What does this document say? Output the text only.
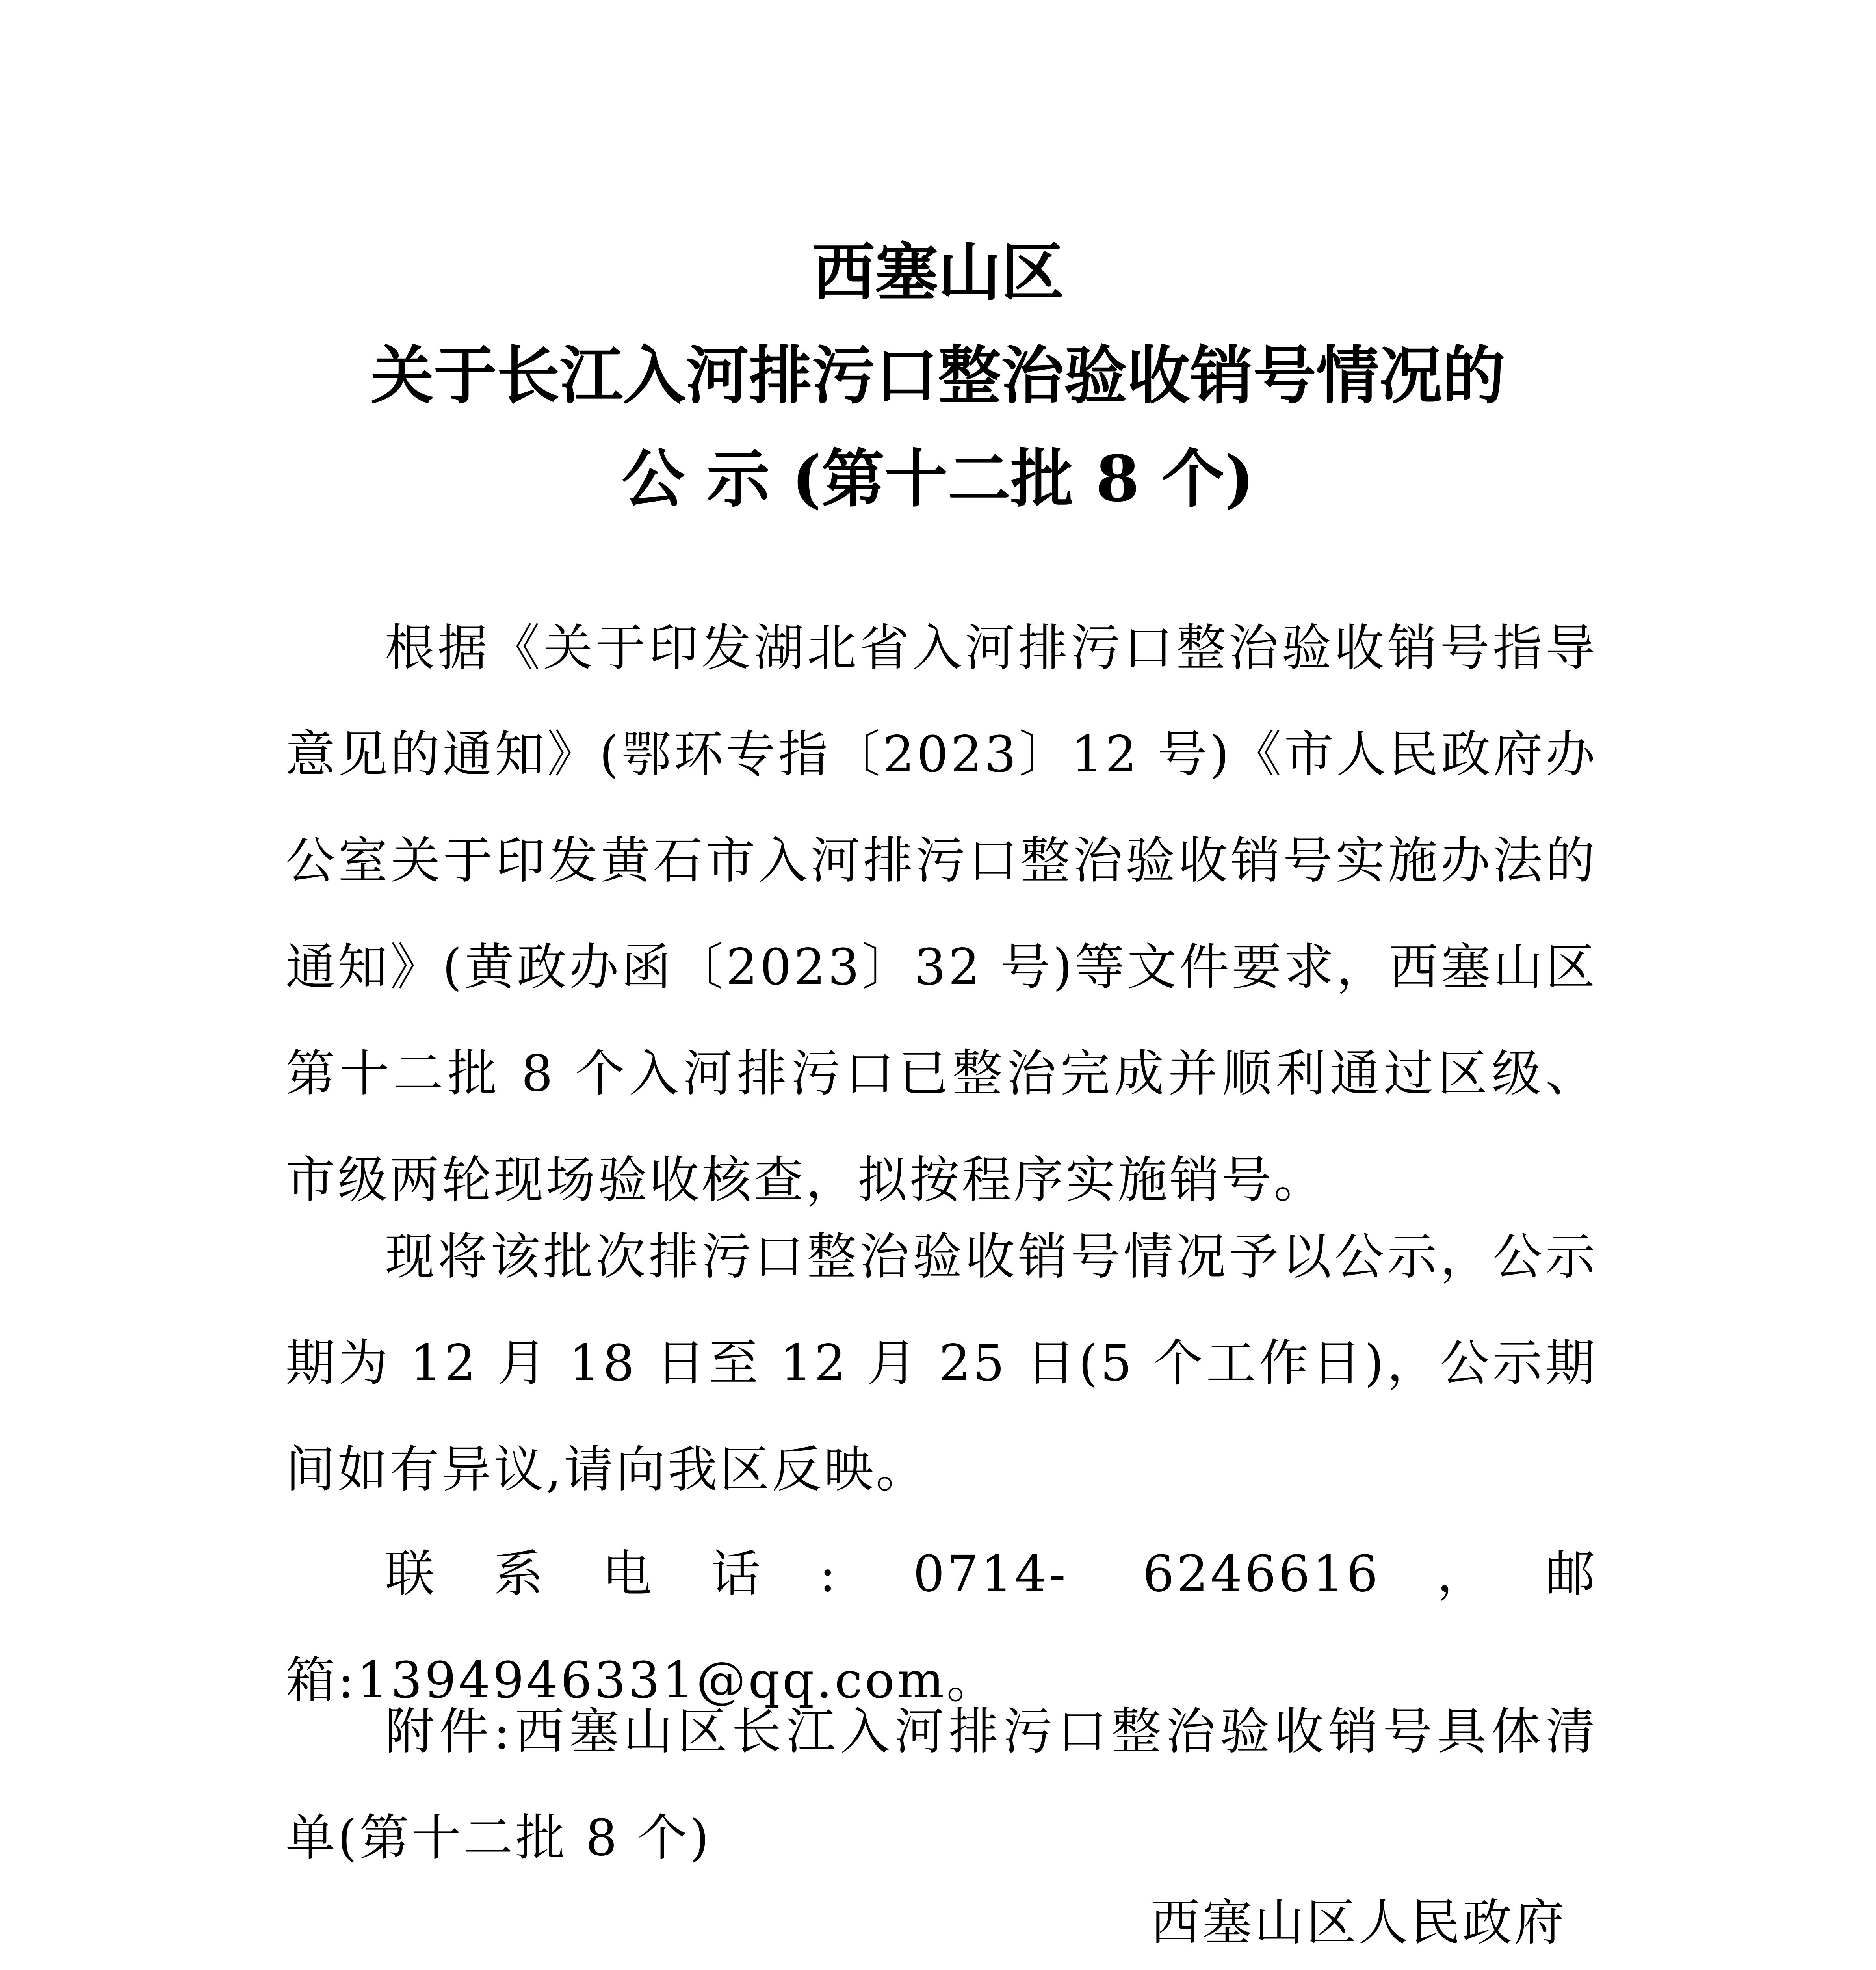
西塞山区
关于长江入河排污口整治验收销号情况的
公 示 (第十二批 8 个)

根据《关于印发湖北省入河排污口整治验收销号指导意见的通知》(鄂环专指〔2023〕12 号)《市人民政府办公室关于印发黄石市入河排污口整治验收销号实施办法的通知》(黄政办函〔2023〕32 号)等文件要求，西塞山区第十二批 8 个入河排污口已整治完成并顺利通过区级、市级两轮现场验收核查，拟按程序实施销号。

现将该批次排污口整治验收销号情况予以公示，公示期为 12 月 18 日至 12 月 25 日(5 个工作日)，公示期间如有异议,请向我区反映。

联系电话: 0714- 6246616，邮箱:1394946331@qq.com。

附件:西塞山区长江入河排污口整治验收销号具体清单(第十二批 8 个)

西塞山区人民政府
